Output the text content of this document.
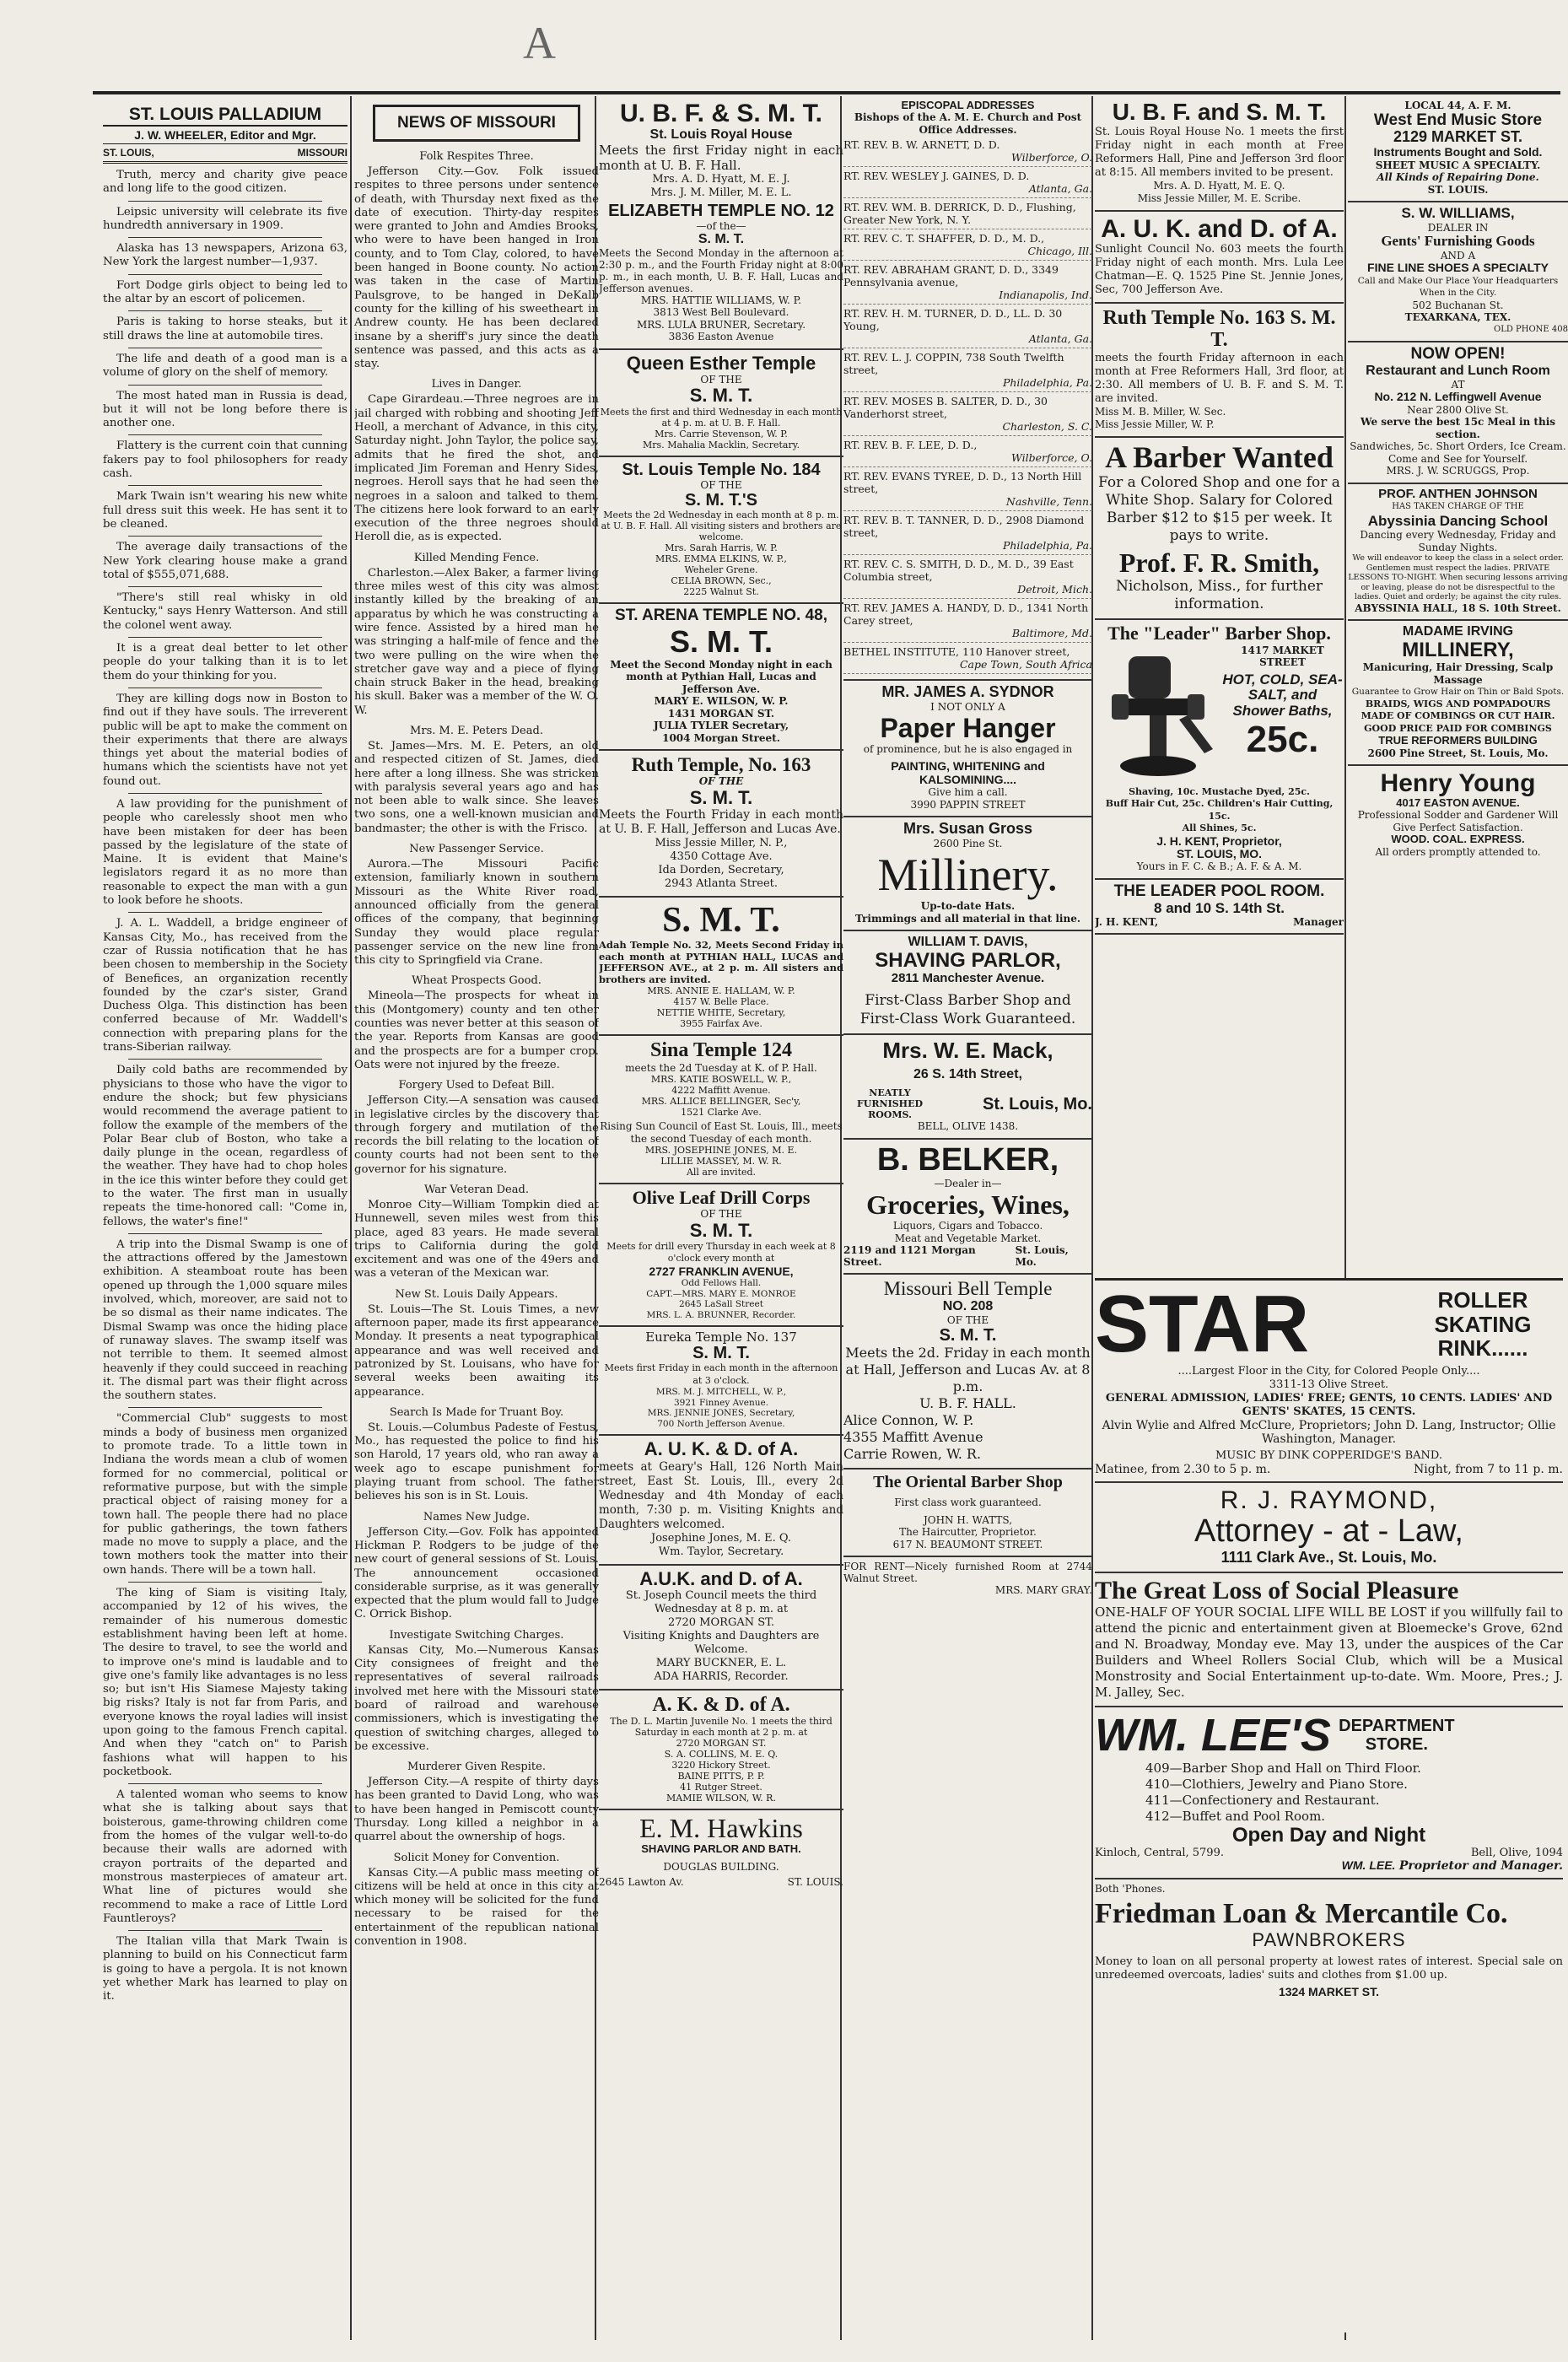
A
ST. LOUIS PALLADIUM
J. W. WHEELER, Editor and Mgr.
ST. LOUIS,	MISSOURI

Truth, mercy and charity give peace and long life to the good citizen.

Leipsic university will celebrate its five hundredth anniversary in 1909.

Alaska has 13 newspapers, Arizona 63, New York the largest number—1,937.

Fort Dodge girls object to being led to the altar by an escort of policemen.

Paris is taking to horse steaks, but it still draws the line at automobile tires.

The life and death of a good man is a volume of glory on the shelf of memory.

The most hated man in Russia is dead, but it will not be long before there is another one.

Flattery is the current coin that cunning fakers pay to fool philosophers for ready cash.

Mark Twain isn't wearing his new white full dress suit this week. He has sent it to be cleaned.

The average daily transactions of the New York clearing house make a grand total of $555,071,688.

"There's still real whisky in old Kentucky," says Henry Watterson. And still the colonel went away.

It is a great deal better to let other people do your talking than it is to let them do your thinking for you.

They are killing dogs now in Boston to find out if they have souls. The irreverent public will be apt to make the comment on their experiments that there are always things yet about the material bodies of humans which the scientists have not yet found out.

A law providing for the punishment of people who carelessly shoot men who have been mistaken for deer has been passed by the legislature of the state of Maine. It is evident that Maine's legislators regard it as no more than reasonable to expect the man with a gun to look before he shoots.

J. A. L. Waddell, a bridge engineer of Kansas City, Mo., has received from the czar of Russia notification that he has been chosen to membership in the Society of Benefices, an organization recently founded by the czar's sister, Grand Duchess Olga. This distinction has been conferred because of Mr. Waddell's connection with preparing plans for the trans-Siberian railway.

Daily cold baths are recommended by physicians to those who have the vigor to endure the shock; but few physicians would recommend the average patient to follow the example of the members of the Polar Bear club of Boston, who take a daily plunge in the ocean, regardless of the weather. They have had to chop holes in the ice this winter before they could get to the water. The first man in usually repeats the time-honored call: "Come in, fellows, the water's fine!"

A trip into the Dismal Swamp is one of the attractions offered by the Jamestown exhibition. A steamboat route has been opened up through the 1,000 square miles involved, which, moreover, are said not to be so dismal as their name indicates. The Dismal Swamp was once the hiding place of runaway slaves. The swamp itself was not terrible to them. It seemed almost heavenly if they could succeed in reaching it. The dismal part was their flight across the southern states.

"Commercial Club" suggests to most minds a body of business men organized to promote trade. To a little town in Indiana the words mean a club of women formed for no commercial, political or reformative purpose, but with the simple practical object of raising money for a town hall. The people there had no place for public gatherings, the town fathers made no move to supply a place, and the town mothers took the matter into their own hands. There will be a town hall.

The king of Siam is visiting Italy, accompanied by 12 of his wives, the remainder of his numerous domestic establishment having been left at home. The desire to travel, to see the world and to improve one's mind is laudable and to give one's family like advantages is no less so; but isn't His Siamese Majesty taking big risks? Italy is not far from Paris, and everyone knows the royal ladies will insist upon going to the famous French capital. And when they "catch on" to Parish fashions what will happen to his pocketbook.

A talented woman who seems to know what she is talking about says that boisterous, game-throwing children come from the homes of the vulgar well-to-do because their walls are adorned with crayon portraits of the departed and monstrous masterpieces of amateur art. What line of pictures would she recommend to make a race of Little Lord Fauntleroys?

The Italian villa that Mark Twain is planning to build on his Connecticut farm is going to have a pergola. It is not known yet whether Mark has learned to play on it.

NEWS OF MISSOURI
Folk Respites Three.

Jefferson City.—Gov. Folk issued respites to three persons under sentence of death, with Thursday next fixed as the date of execution. Thirty-day respites were granted to John and Amdies Brooks, who were to have been hanged in Iron county, and to Tom Clay, colored, to have been hanged in Boone county. No action was taken in the case of Martin Paulsgrove, to be hanged in DeKalb county for the killing of his sweetheart in Andrew county. He has been declared insane by a sheriff's jury since the death sentence was passed, and this acts as a stay.

Lives in Danger.

Cape Girardeau.—Three negroes are in jail charged with robbing and shooting Jeff Heoll, a merchant of Advance, in this city, Saturday night. John Taylor, the police say, admits that he fired the shot, and implicated Jim Foreman and Henry Sides, negroes. Heroll says that he had seen the negroes in a saloon and talked to them. The citizens here look forward to an early execution of the three negroes should Heroll die, as is expected.

Killed Mending Fence.

Charleston.—Alex Baker, a farmer living three miles west of this city was almost instantly killed by the breaking of an apparatus by which he was constructing a wire fence. Assisted by a hired man he was stringing a half-mile of fence and the two were pulling on the wire when the stretcher gave way and a piece of flying chain struck Baker in the head, breaking his skull. Baker was a member of the W. O. W.

Mrs. M. E. Peters Dead.

St. James—Mrs. M. E. Peters, an old and respected citizen of St. James, died here after a long illness. She was stricken with paralysis several years ago and has not been able to walk since. She leaves two sons, one a well-known musician and bandmaster; the other is with the Frisco.

New Passenger Service.

Aurora.—The Missouri Pacific extension, familiarly known in southern Missouri as the White River road, announced officially from the general offices of the company, that beginning Sunday they would place regular passenger service on the new line from this city to Springfield via Crane.

Wheat Prospects Good.

Mineola—The prospects for wheat in this (Montgomery) county and ten other counties was never better at this season of the year. Reports from Kansas are good and the prospects are for a bumper crop. Oats were not injured by the freeze.

Forgery Used to Defeat Bill.

Jefferson City.—A sensation was caused in legislative circles by the discovery that through forgery and mutilation of the records the bill relating to the location of county courts had not been sent to the governor for his signature.

War Veteran Dead.

Monroe City—William Tompkin died at Hunnewell, seven miles west from this place, aged 83 years. He made several trips to California during the gold excitement and was one of the 49ers and was a veteran of the Mexican war.

New St. Louis Daily Appears.

St. Louis—The St. Louis Times, a new afternoon paper, made its first appearance Monday. It presents a neat typographical appearance and was well received and patronized by St. Louisans, who have for several weeks been awaiting its appearance.

Search Is Made for Truant Boy.

St. Louis.—Columbus Padeste of Festus, Mo., has requested the police to find his son Harold, 17 years old, who ran away a week ago to escape punishment for playing truant from school. The father believes his son is in St. Louis.

Names New Judge.

Jefferson City.—Gov. Folk has appointed Hickman P. Rodgers to be judge of the new court of general sessions of St. Louis. The announcement occasioned considerable surprise, as it was generally expected that the plum would fall to Judge C. Orrick Bishop.

Investigate Switching Charges.

Kansas City, Mo.—Numerous Kansas City consignees of freight and the representatives of several railroads involved met here with the Missouri state board of railroad and warehouse commissioners, which is investigating the question of switching charges, alleged to be excessive.

Murderer Given Respite.

Jefferson City.—A respite of thirty days has been granted to David Long, who was to have been hanged in Pemiscott county Thursday. Long killed a neighbor in a quarrel about the ownership of hogs.

Solicit Money for Convention.

Kansas City.—A public mass meeting of citizens will be held at once in this city at which money will be solicited for the fund necessary to be raised for the entertainment of the republican national convention in 1908.

U. B. F. & S. M. T.
St. Louis Royal House
Meets the first Friday night in each month at U. B. F. Hall.
Mrs. A. D. Hyatt, M. E. J.
Mrs. J. M. Miller, M. E. L.
ELIZABETH TEMPLE NO. 12
—of the—
S. M. T.
Meets the Second Monday in the afternoon at 2:30 p. m., and the Fourth Friday night at 8:00 p. m., in each month, U. B. F. Hall, Lucas and Jefferson avenues.
MRS. HATTIE WILLIAMS, W. P.
3813 West Bell Boulevard.
MRS. LULA BRUNER, Secretary.
3836 Easton Avenue
Queen Esther Temple
OF THE
S. M. T.
Meets the first and third Wednesday in each month at 4 p. m. at U. B. F. Hall.
Mrs. Carrie Stevenson, W. P.
Mrs. Mahalia Macklin, Secretary.
St. Louis Temple No. 184
OF THE
S. M. T.'S
Meets the 2d Wednesday in each month at 8 p. m. at U. B. F. Hall. All visiting sisters and brothers are welcome.
Mrs. Sarah Harris, W. P.
MRS. EMMA ELKINS, W. P.,
Weheler Grene.
CELIA BROWN, Sec.,
2225 Walnut St.
ST. ARENA TEMPLE NO. 48,
S. M. T.
Meet the Second Monday night in each month at Pythian Hall, Lucas and Jefferson Ave.
MARY E. WILSON, W. P.
1431 MORGAN ST.
JULIA TYLER Secretary,
1004 Morgan Street.
Ruth Temple, No. 163
OF THE
S. M. T.
Meets the Fourth Friday in each month at U. B. F. Hall, Jefferson and Lucas Ave.
Miss Jessie Miller, N. P.,
4350 Cottage Ave.
Ida Dorden, Secretary,
2943 Atlanta Street.
S. M. T.
Adah Temple No. 32, Meets Second Friday in each month at PYTHIAN HALL, LUCAS and JEFFERSON AVE., at 2 p. m. All sisters and brothers are invited.
MRS. ANNIE E. HALLAM, W. P.
4157 W. Belle Place.
NETTIE WHITE, Secretary,
3955 Fairfax Ave.
Sina Temple 124
meets the 2d Tuesday at K. of P. Hall.
MRS. KATIE BOSWELL, W. P.,
4222 Maffitt Avenue.
MRS. ALLICE BELLINGER, Sec'y,
1521 Clarke Ave.
Rising Sun Council of East St. Louis, Ill., meets the second Tuesday of each month.
MRS. JOSEPHINE JONES, M. E.
LILLIE MASSEY, M. W. R.
All are invited.
Olive Leaf Drill Corps
OF THE
S. M. T.
Meets for drill every Thursday in each week at 8 o'clock every month at
2727 FRANKLIN AVENUE,
Odd Fellows Hall.
CAPT.—MRS. MARY E. MONROE
2645 LaSall Street
MRS. L. A. BRUNNER, Recorder.
Eureka Temple No. 137
S. M. T.
Meets first Friday in each month in the afternoon at 3 o'clock.
MRS. M. J. MITCHELL, W. P.,
3921 Finney Avenue.
MRS. JENNIE JONES, Secretary,
700 North Jefferson Avenue.
A. U. K. & D. of A.
meets at Geary's Hall, 126 North Main street, East St. Louis, Ill., every 2d Wednesday and 4th Monday of each month, 7:30 p. m. Visiting Knights and Daughters welcomed.
Josephine Jones, M. E. Q.
Wm. Taylor, Secretary.
A.U.K. and D. of A.
St. Joseph Council meets the third Wednesday at 8 p. m. at
2720 MORGAN ST.
Visiting Knights and Daughters are Welcome.
MARY BUCKNER, E. L.
ADA HARRIS, Recorder.
A. K. & D. of A.
The D. L. Martin Juvenile No. 1 meets the third Saturday in each month at 2 p. m. at
2720 MORGAN ST.
S. A. COLLINS, M. E. Q.
3220 Hickory Street.
BAINE PITTS, P. P.
41 Rutger Street.
MAMIE WILSON, W. R.
E. M. Hawkins
SHAVING PARLOR AND BATH.
DOUGLAS BUILDING.
2645 Lawton Av.	ST. LOUIS.
EPISCOPAL ADDRESSES
Bishops of the A. M. E. Church and Post Office Addresses.
RT. REV. B. W. ARNETT, D. D.
Wilberforce, O.
RT. REV. WESLEY J. GAINES, D. D.
Atlanta, Ga.
RT. REV. WM. B. DERRICK, D. D., Flushing, Greater New York, N. Y.
RT. REV. C. T. SHAFFER, D. D., M. D.,
Chicago, Ill.
RT. REV. ABRAHAM GRANT, D. D., 3349 Pennsylvania avenue,
Indianapolis, Ind.
RT. REV. H. M. TURNER, D. D., LL. D. 30 Young,
Atlanta, Ga.
RT. REV. L. J. COPPIN, 738 South Twelfth street,
Philadelphia, Pa.
RT. REV. MOSES B. SALTER, D. D., 30 Vanderhorst street,
Charleston, S. C.
RT. REV. B. F. LEE, D. D.,
Wilberforce, O.
RT. REV. EVANS TYREE, D. D., 13 North Hill street,
Nashville, Tenn.
RT. REV. B. T. TANNER, D. D., 2908 Diamond street,
Philadelphia, Pa.
RT. REV. C. S. SMITH, D. D., M. D., 39 East Columbia street,
Detroit, Mich.
RT. REV. JAMES A. HANDY, D. D., 1341 North Carey street,
Baltimore, Md.
BETHEL INSTITUTE, 110 Hanover street,
Cape Town, South Africa
MR. JAMES A. SYDNOR
I NOT ONLY A
Paper Hanger
of prominence, but he is also engaged in
PAINTING, WHITENING and KALSOMINING....
Give him a call.
3990 PAPPIN STREET
Mrs. Susan Gross
2600 Pine St.
Millinery.
Up-to-date Hats.
Trimmings and all material in that line.
WILLIAM T. DAVIS,
SHAVING PARLOR,
2811 Manchester Avenue.
First-Class Barber Shop and First-Class Work Guaranteed.
Mrs. W. E. Mack,
26 S. 14th Street,
NEATLY FURNISHED ROOMS.
St. Louis, Mo.
BELL, OLIVE 1438.
B. BELKER,
—Dealer in—
Groceries, Wines,
Liquors, Cigars and Tobacco.
Meat and Vegetable Market.
2119 and 1121 Morgan Street.
St. Louis, Mo.
Missouri Bell Temple
NO. 208
OF THE
S. M. T.
Meets the 2d. Friday in each month at Hall, Jefferson and Lucas Av. at 8 p.m.
U. B. F. HALL.
Alice Connon, W. P.
4355 Maffitt Avenue
Carrie Rowen, W. R.
The Oriental Barber Shop
First class work guaranteed.
JOHN H. WATTS,
The Haircutter, Proprietor.
617 N. BEAUMONT STREET.
FOR RENT—Nicely furnished Room at 2744 Walnut Street.
MRS. MARY GRAY.
U. B. F. and S. M. T.
St. Louis Royal House No. 1 meets the first Friday night in each month at Free Reformers Hall, Pine and Jefferson 3rd floor at 8:15. All members invited to be present.
Mrs. A. D. Hyatt, M. E. Q.
Miss Jessie Miller, M. E. Scribe.
A. U. K. and D. of A.
Sunlight Council No. 603 meets the fourth Friday night of each month. Mrs. Lula Lee Chatman—E. Q. 1525 Pine St. Jennie Jones, Sec, 700 Jefferson Ave.
Ruth Temple No. 163 S. M. T.
meets the fourth Friday afternoon in each month at Free Reformers Hall, 3rd floor, at 2:30. All members of U. B. F. and S. M. T. are invited.
Miss M. B. Miller, W. Sec.
Miss Jessie Miller, W. P.
A Barber Wanted
For a Colored Shop and one for a White Shop. Salary for Colored Barber $12 to $15 per week. It pays to write.
Prof. F. R. Smith,
Nicholson, Miss., for further information.
The "Leader" Barber Shop.
1417 MARKET STREET
HOT, COLD, SEA-SALT, and Shower Baths,
25c.
Shaving, 10c. Mustache Dyed, 25c.
Buff Hair Cut, 25c. Children's Hair Cutting, 15c.
All Shines, 5c.
J. H. KENT, Proprietor,
ST. LOUIS, MO.
Yours in F. C. & B.; A. F. & A. M.
THE LEADER POOL ROOM.
8 and 10 S. 14th St.
J. H. KENT,	Manager
LOCAL 44, A. F. M.
West End Music Store
2129 MARKET ST.
Instruments Bought and Sold.
SHEET MUSIC A SPECIALTY.
All Kinds of Repairing Done.
ST. LOUIS.
S. W. WILLIAMS,
DEALER IN
Gents' Furnishing Goods
AND A
FINE LINE SHOES A SPECIALTY
Call and Make Our Place Your Headquarters When in the City.
502 Buchanan St.
TEXARKANA, TEX.
OLD PHONE 408
NOW OPEN!
Restaurant and Lunch Room
AT
No. 212 N. Leffingwell Avenue
Near 2800 Olive St.
We serve the best 15c Meal in this section.
Sandwiches, 5c. Short Orders, Ice Cream. Come and See for Yourself.
MRS. J. W. SCRUGGS, Prop.
PROF. ANTHEN JOHNSON
HAS TAKEN CHARGE OF THE
Abyssinia Dancing School
Dancing every Wednesday, Friday and Sunday Nights.
We will endeavor to keep the class in a select order. Gentlemen must respect the ladies. PRIVATE LESSONS TO-NIGHT. When securing lessons arriving or leaving, please do not be disrespectful to the ladies. Quiet and orderly; be against the city rules.
ABYSSINIA HALL, 18 S. 10th Street.
MADAME IRVING
MILLINERY,
Manicuring, Hair Dressing, Scalp Massage
Guarantee to Grow Hair on Thin or Bald Spots.
BRAIDS, WIGS AND POMPADOURS MADE OF COMBINGS OR CUT HAIR.
GOOD PRICE PAID FOR COMBINGS
TRUE REFORMERS BUILDING
2600 Pine Street, St. Louis, Mo.
Henry Young
4017 EASTON AVENUE.
Professional Sodder and Gardener Will Give Perfect Satisfaction.
WOOD. COAL. EXPRESS.
All orders promptly attended to.
STAR	ROLLER SKATING RINK......
....Largest Floor in the City, for Colored People Only....
3311-13 Olive Street.
GENERAL ADMISSION, LADIES' FREE; GENTS, 10 CENTS. LADIES' AND GENTS' SKATES, 15 CENTS.
Alvin Wylie and Alfred McClure, Proprietors; John D. Lang, Instructor; Ollie Washington, Manager.
MUSIC BY DINK COPPERIDGE'S BAND.
Matinee, from 2.30 to 5 p. m.	Night, from 7 to 11 p. m.
R. J. RAYMOND,
Attorney - at - Law,
1111 Clark Ave., St. Louis, Mo.
The Great Loss of Social Pleasure
ONE-HALF OF YOUR SOCIAL LIFE WILL BE LOST if you willfully fail to attend the picnic and entertainment given at Bloemecke's Grove, 62nd and N. Broadway, Monday eve. May 13, under the auspices of the Car Builders and Wheel Rollers Social Club, which will be a Musical Monstrosity and Social Entertainment up-to-date. Wm. Moore, Pres.; J. M. Jalley, Sec.
WM. LEE'S DEPARTMENT STORE.
409—Barber Shop and Hall on Third Floor.
410—Clothiers, Jewelry and Piano Store.
411—Confectionery and Restaurant.
412—Buffet and Pool Room.
Open Day and Night
Kinloch, Central, 5799.	Bell, Olive, 1094
WM. LEE. Proprietor and Manager.
Both 'Phones.
Friedman Loan & Mercantile Co.
PAWNBROKERS
Money to loan on all personal property at lowest rates of interest. Special sale on unredeemed overcoats, ladies' suits and clothes from $1.00 up.
1324 MARKET ST.
